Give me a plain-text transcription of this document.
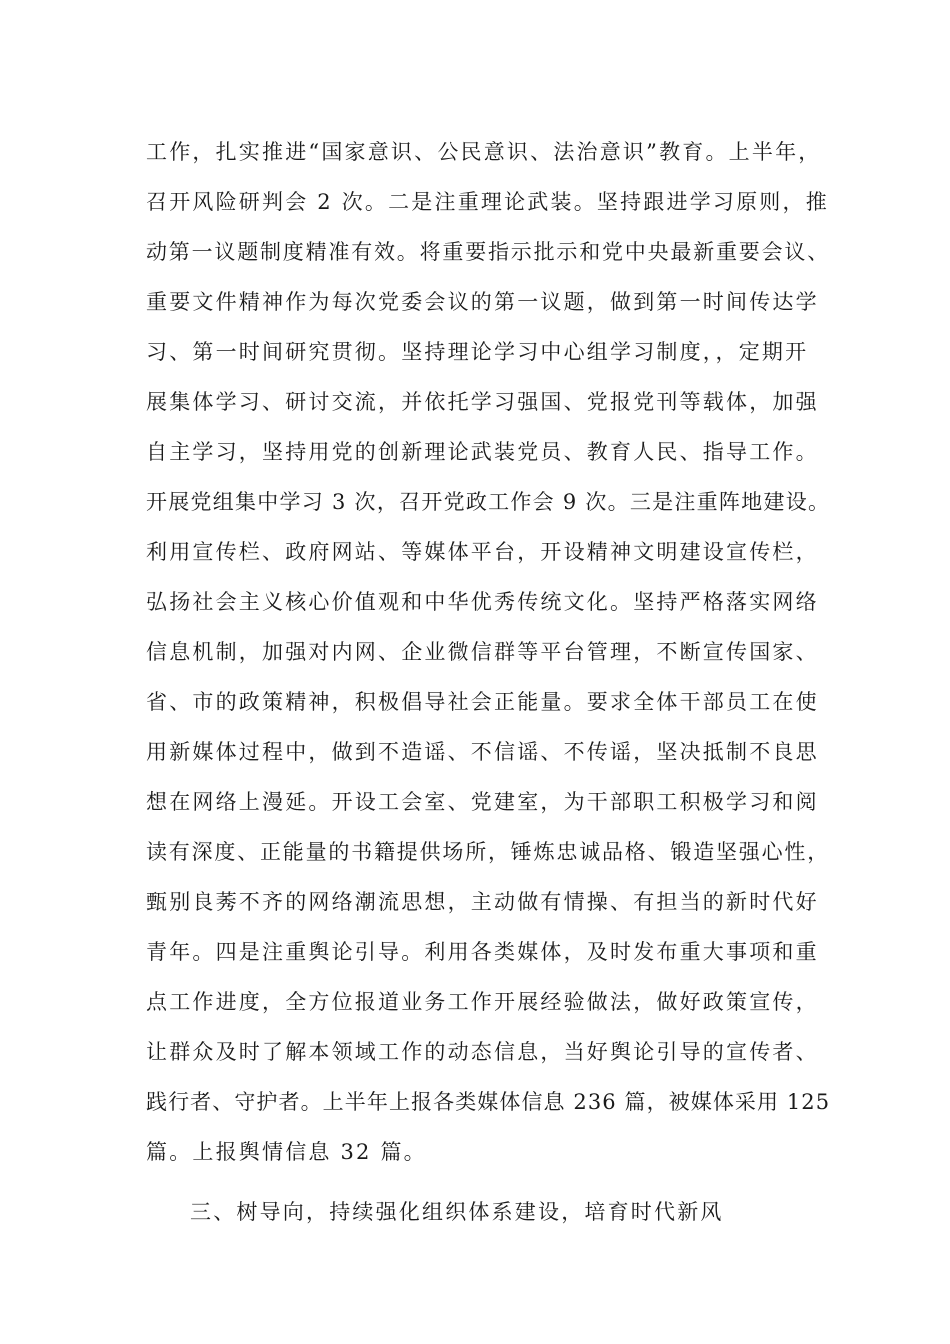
工作，扎实推进“国家意识、公民意识、法治意识”教育。上半年，
召开风险研判会 2 次。二是注重理论武装。坚持跟进学习原则，推
动第一议题制度精准有效。将重要指示批示和党中央最新重要会议、
重要文件精神作为每次党委会议的第一议题，做到第一时间传达学
习、第一时间研究贯彻。坚持理论学习中心组学习制度，，定期开
展集体学习、研讨交流，并依托学习强国、党报党刊等载体，加强
自主学习，坚持用党的创新理论武装党员、教育人民、指导工作。
开展党组集中学习 3 次，召开党政工作会 9 次。三是注重阵地建设。
利用宣传栏、政府网站、等媒体平台，开设精神文明建设宣传栏，
弘扬社会主义核心价值观和中华优秀传统文化。坚持严格落实网络
信息机制，加强对内网、企业微信群等平台管理，不断宣传国家、
省、市的政策精神，积极倡导社会正能量。要求全体干部员工在使
用新媒体过程中，做到不造谣、不信谣、不传谣，坚决抵制不良思
想在网络上漫延。开设工会室、党建室，为干部职工积极学习和阅
读有深度、正能量的书籍提供场所，锤炼忠诚品格、锻造坚强心性，
甄别良莠不齐的网络潮流思想，主动做有情操、有担当的新时代好
青年。四是注重舆论引导。利用各类媒体，及时发布重大事项和重
点工作进度，全方位报道业务工作开展经验做法，做好政策宣传，
让群众及时了解本领域工作的动态信息，当好舆论引导的宣传者、
践行者、守护者。上半年上报各类媒体信息 236 篇，被媒体采用 125
篇。上报舆情信息 32 篇。
三、树导向，持续强化组织体系建设，培育时代新风
